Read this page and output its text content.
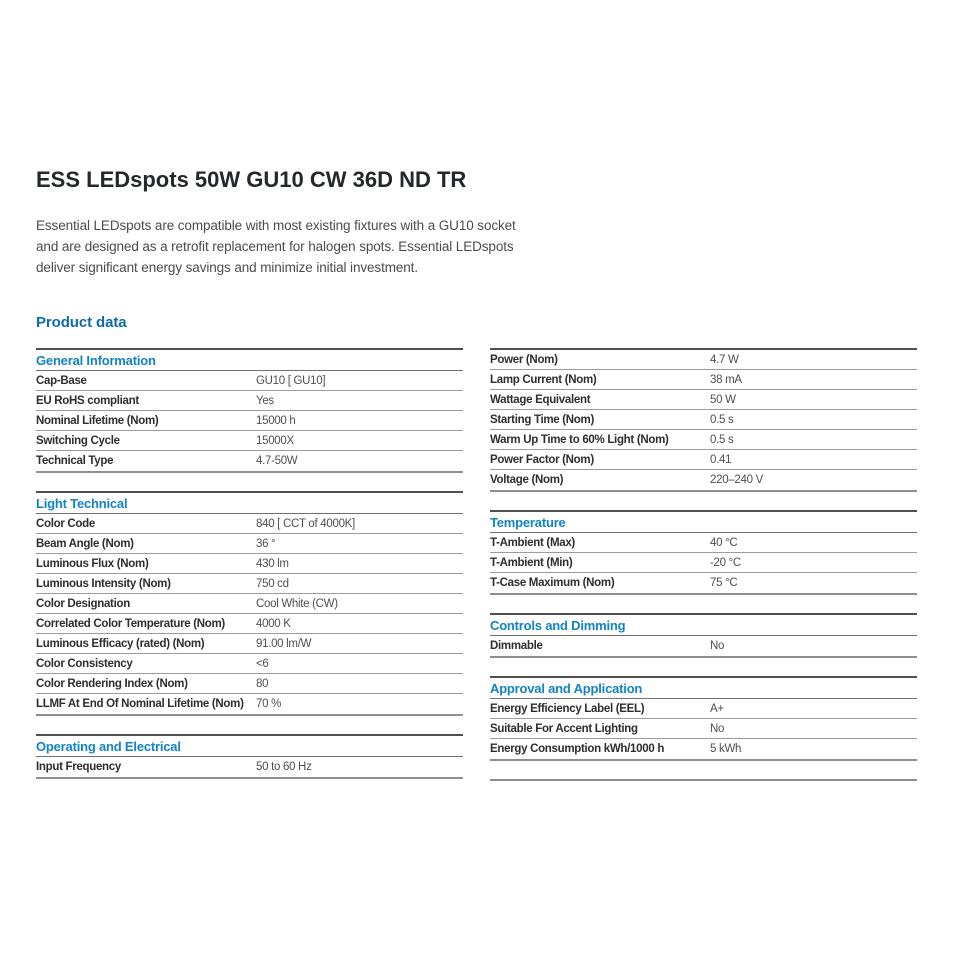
ESS LEDspots 50W GU10 CW 36D ND TR
Essential LEDspots are compatible with most existing fixtures with a GU10 socket
and are designed as a retrofit replacement for halogen spots. Essential LEDspots
deliver significant energy savings and minimize initial investment.
Product data
General Information
Cap-Base	GU10 [ GU10]
EU RoHS compliant	Yes
Nominal Lifetime (Nom)	15000 h
Switching Cycle	15000X
Technical Type	4.7-50W
Light Technical
Color Code	840 [ CCT of 4000K]
Beam Angle (Nom)	36 °
Luminous Flux (Nom)	430 lm
Luminous Intensity (Nom)	750 cd
Color Designation	Cool White (CW)
Correlated Color Temperature (Nom)	4000 K
Luminous Efficacy (rated) (Nom)	91.00 lm/W
Color Consistency	<6
Color Rendering Index (Nom)	80
LLMF At End Of Nominal Lifetime (Nom)	70 %
Operating and Electrical
Input Frequency	50 to 60 Hz
Power (Nom)	4.7 W
Lamp Current (Nom)	38 mA
Wattage Equivalent	50 W
Starting Time (Nom)	0.5 s
Warm Up Time to 60% Light (Nom)	0.5 s
Power Factor (Nom)	0.41
Voltage (Nom)	220–240 V
Temperature
T-Ambient (Max)	40 °C
T-Ambient (Min)	-20 °C
T-Case Maximum (Nom)	75 °C
Controls and Dimming
Dimmable	No
Approval and Application
Energy Efficiency Label (EEL)	A+
Suitable For Accent Lighting	No
Energy Consumption kWh/1000 h	5 kWh
